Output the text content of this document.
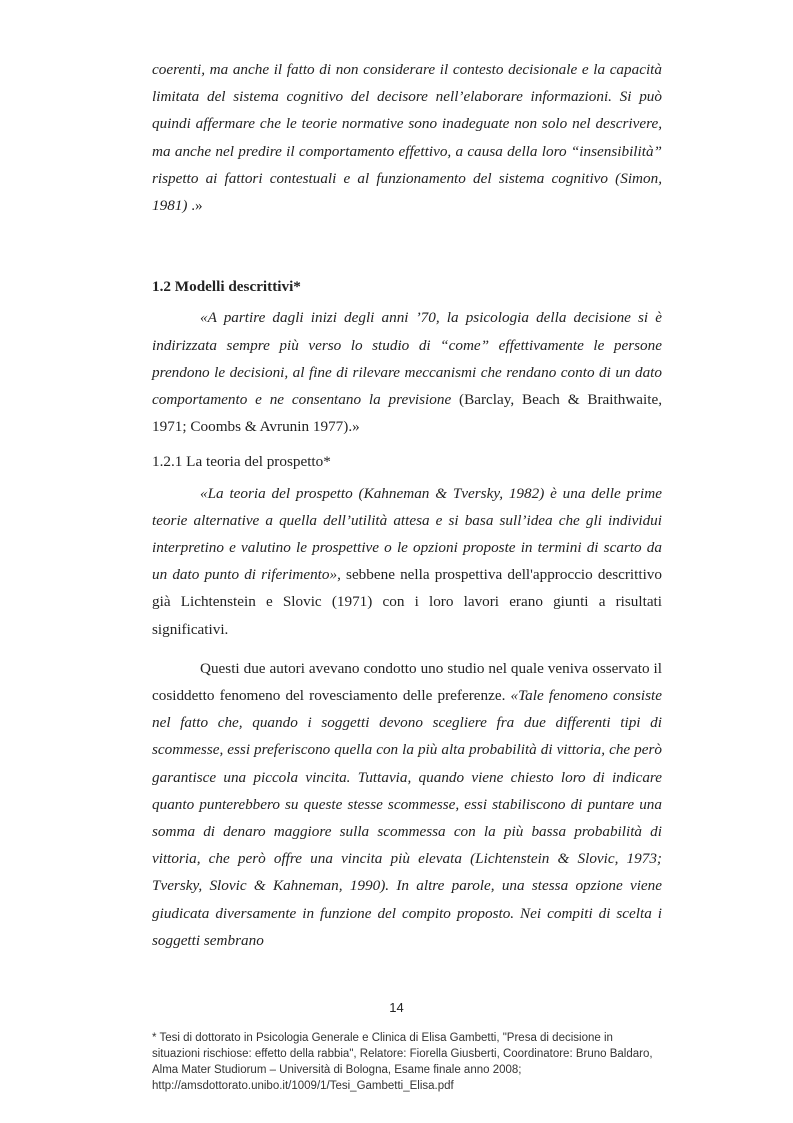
coerenti, ma anche il fatto di non considerare il contesto decisionale e la capacità limitata del sistema cognitivo del decisore nell’elaborare informazioni. Si può quindi affermare che le teorie normative sono inadeguate non solo nel descrivere, ma anche nel predire il comportamento effettivo, a causa della loro “insensibilità” rispetto ai fattori contestuali e al funzionamento del sistema cognitivo (Simon, 1981) .»

1.2 Modelli descrittivi*

«A partire dagli inizi degli anni ’70, la psicologia della decisione si è indirizzata sempre più verso lo studio di “come” effettivamente le persone prendono le decisioni, al fine di rilevare meccanismi che rendano conto di un dato comportamento e ne consentano la previsione (Barclay, Beach & Braithwaite, 1971; Coombs & Avrunin 1977).»

1.2.1 La teoria del prospetto*

«La teoria del prospetto (Kahneman & Tversky, 1982) è una delle prime teorie alternative a quella dell’utilità attesa e si basa sull’idea che gli individui interpretino e valutino le prospettive o le opzioni proposte in termini di scarto da un dato punto di riferimento», sebbene nella prospettiva dell'approccio descrittivo già Lichtenstein e Slovic (1971) con i loro lavori erano giunti a risultati significativi.

Questi due autori avevano condotto uno studio nel quale veniva osservato il cosiddetto fenomeno del rovesciamento delle preferenze. «Tale fenomeno consiste nel fatto che, quando i soggetti devono scegliere fra due differenti tipi di scommesse, essi preferiscono quella con la più alta probabilità di vittoria, che però garantisce una piccola vincita. Tuttavia, quando viene chiesto loro di indicare quanto punterebbero su queste stesse scommesse, essi stabiliscono di puntare una somma di denaro maggiore sulla scommessa con la più bassa probabilità di vittoria, che però offre una vincita più elevata (Lichtenstein & Slovic, 1973; Tversky, Slovic & Kahneman, 1990). In altre parole, una stessa opzione viene giudicata diversamente in funzione del compito proposto. Nei compiti di scelta i soggetti sembrano

14
* Tesi di dottorato in Psicologia Generale e Clinica di Elisa Gambetti, "Presa di decisione in situazioni rischiose: effetto della rabbia", Relatore: Fiorella Giusberti, Coordinatore: Bruno Baldaro, Alma Mater Studiorum – Università di Bologna, Esame finale anno 2008; http://amsdottorato.unibo.it/1009/1/Tesi_Gambetti_Elisa.pdf
